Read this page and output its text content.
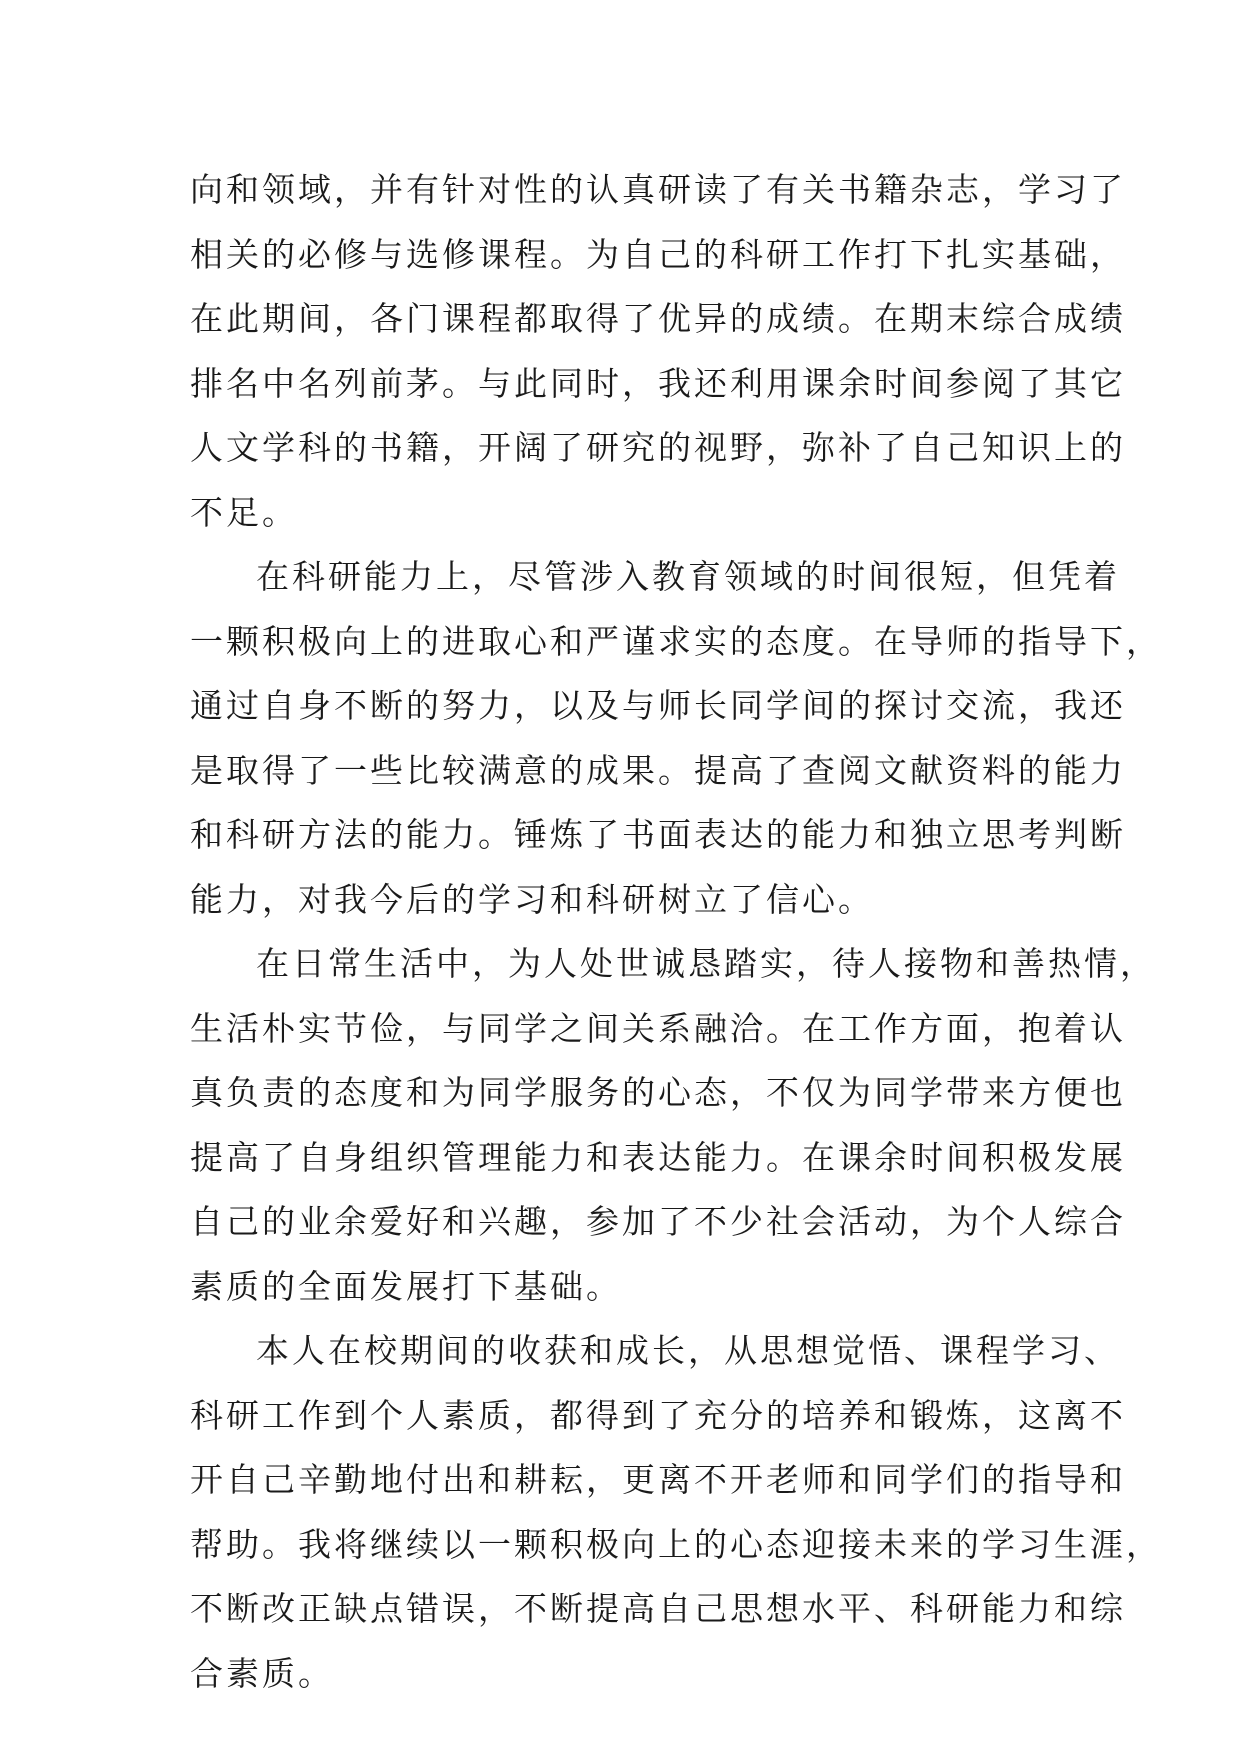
向和领域，并有针对性的认真研读了有关书籍杂志，学习了
相关的必修与选修课程。为自己的科研工作打下扎实基础，
在此期间，各门课程都取得了优异的成绩。在期末综合成绩
排名中名列前茅。与此同时，我还利用课余时间参阅了其它
人文学科的书籍，开阔了研究的视野，弥补了自己知识上的
不足。
在科研能力上，尽管涉入教育领域的时间很短，但凭着
一颗积极向上的进取心和严谨求实的态度。在导师的指导下，
通过自身不断的努力，以及与师长同学间的探讨交流，我还
是取得了一些比较满意的成果。提高了查阅文献资料的能力
和科研方法的能力。锤炼了书面表达的能力和独立思考判断
能力，对我今后的学习和科研树立了信心。
在日常生活中，为人处世诚恳踏实，待人接物和善热情，
生活朴实节俭，与同学之间关系融洽。在工作方面，抱着认
真负责的态度和为同学服务的心态，不仅为同学带来方便也
提高了自身组织管理能力和表达能力。在课余时间积极发展
自己的业余爱好和兴趣，参加了不少社会活动，为个人综合
素质的全面发展打下基础。
本人在校期间的收获和成长，从思想觉悟、课程学习、
科研工作到个人素质，都得到了充分的培养和锻炼，这离不
开自己辛勤地付出和耕耘，更离不开老师和同学们的指导和
帮助。我将继续以一颗积极向上的心态迎接未来的学习生涯，
不断改正缺点错误，不断提高自己思想水平、科研能力和综
合素质。
